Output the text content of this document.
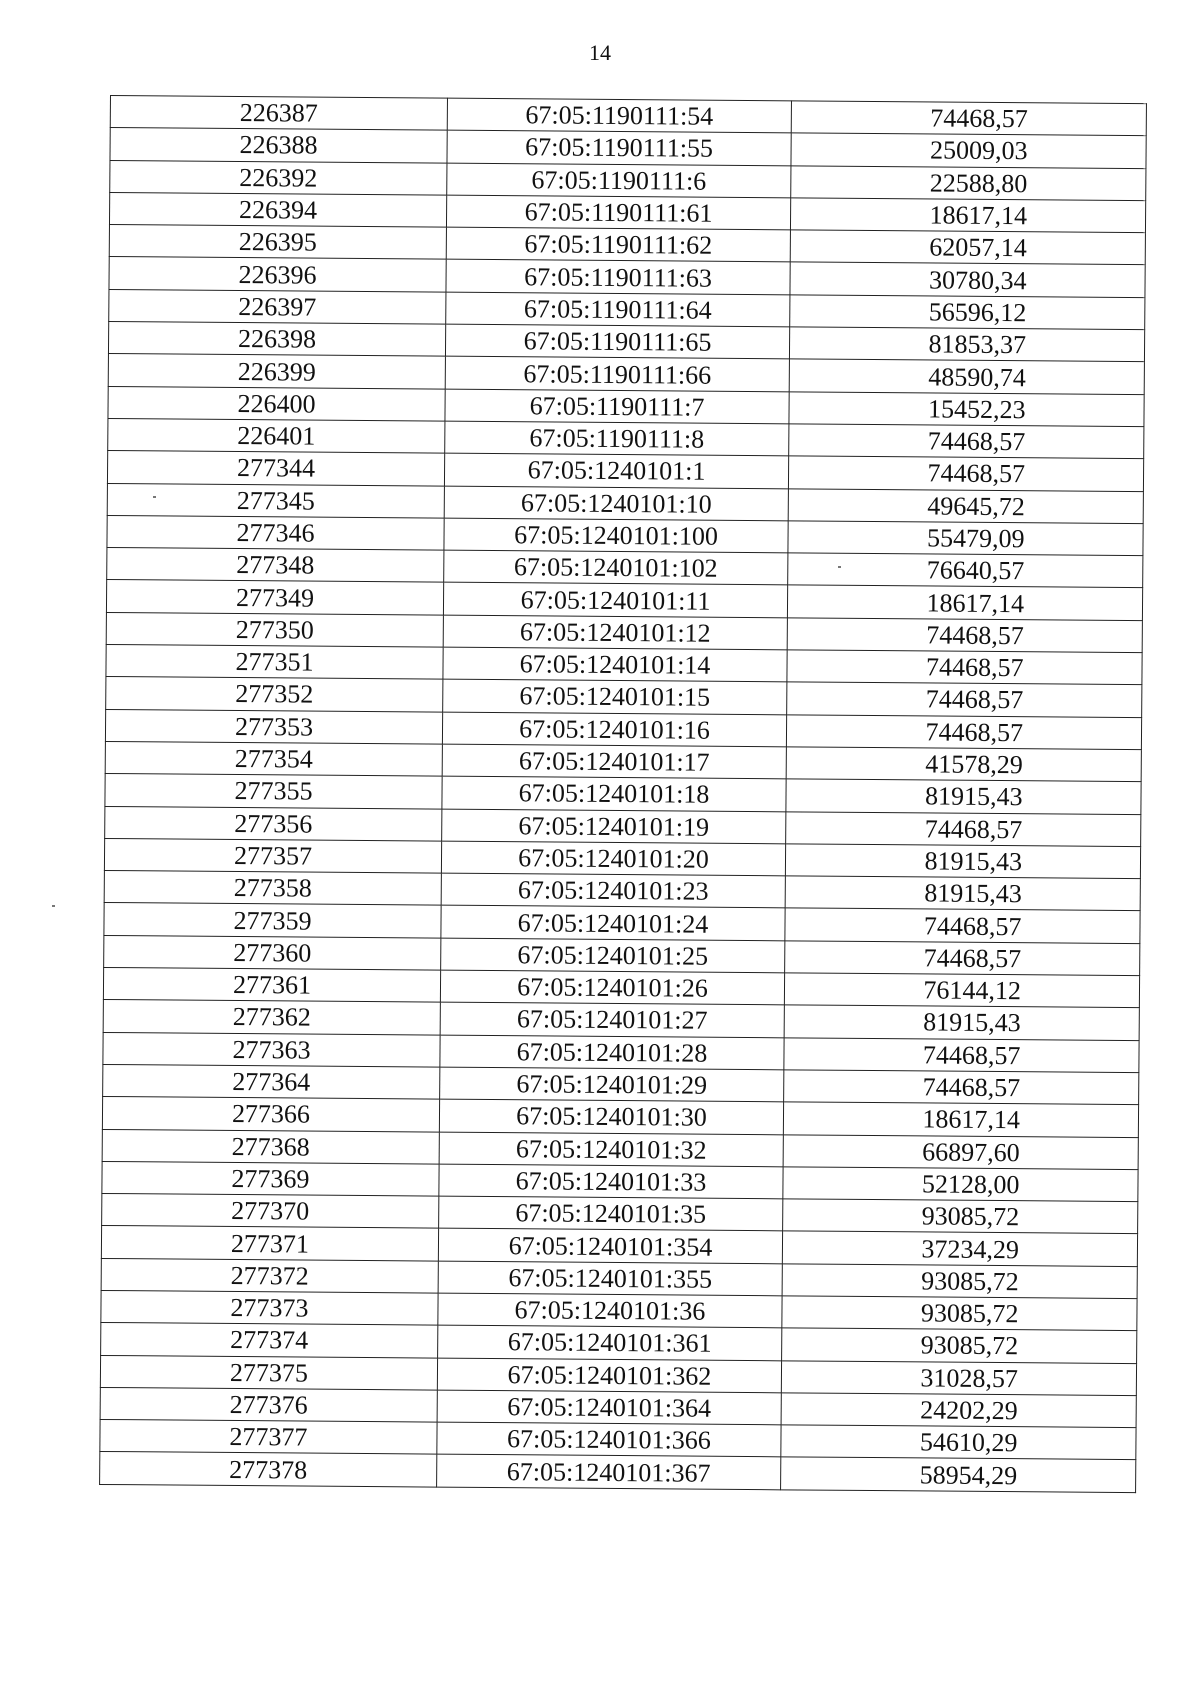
14
226387	67:05:1190111:54	74468,57
226388	67:05:1190111:55	25009,03
226392	67:05:1190111:6	22588,80
226394	67:05:1190111:61	18617,14
226395	67:05:1190111:62	62057,14
226396	67:05:1190111:63	30780,34
226397	67:05:1190111:64	56596,12
226398	67:05:1190111:65	81853,37
226399	67:05:1190111:66	48590,74
226400	67:05:1190111:7	15452,23
226401	67:05:1190111:8	74468,57
277344	67:05:1240101:1	74468,57
277345	67:05:1240101:10	49645,72
277346	67:05:1240101:100	55479,09
277348	67:05:1240101:102	76640,57
277349	67:05:1240101:11	18617,14
277350	67:05:1240101:12	74468,57
277351	67:05:1240101:14	74468,57
277352	67:05:1240101:15	74468,57
277353	67:05:1240101:16	74468,57
277354	67:05:1240101:17	41578,29
277355	67:05:1240101:18	81915,43
277356	67:05:1240101:19	74468,57
277357	67:05:1240101:20	81915,43
277358	67:05:1240101:23	81915,43
277359	67:05:1240101:24	74468,57
277360	67:05:1240101:25	74468,57
277361	67:05:1240101:26	76144,12
277362	67:05:1240101:27	81915,43
277363	67:05:1240101:28	74468,57
277364	67:05:1240101:29	74468,57
277366	67:05:1240101:30	18617,14
277368	67:05:1240101:32	66897,60
277369	67:05:1240101:33	52128,00
277370	67:05:1240101:35	93085,72
277371	67:05:1240101:354	37234,29
277372	67:05:1240101:355	93085,72
277373	67:05:1240101:36	93085,72
277374	67:05:1240101:361	93085,72
277375	67:05:1240101:362	31028,57
277376	67:05:1240101:364	24202,29
277377	67:05:1240101:366	54610,29
277378	67:05:1240101:367	58954,29
